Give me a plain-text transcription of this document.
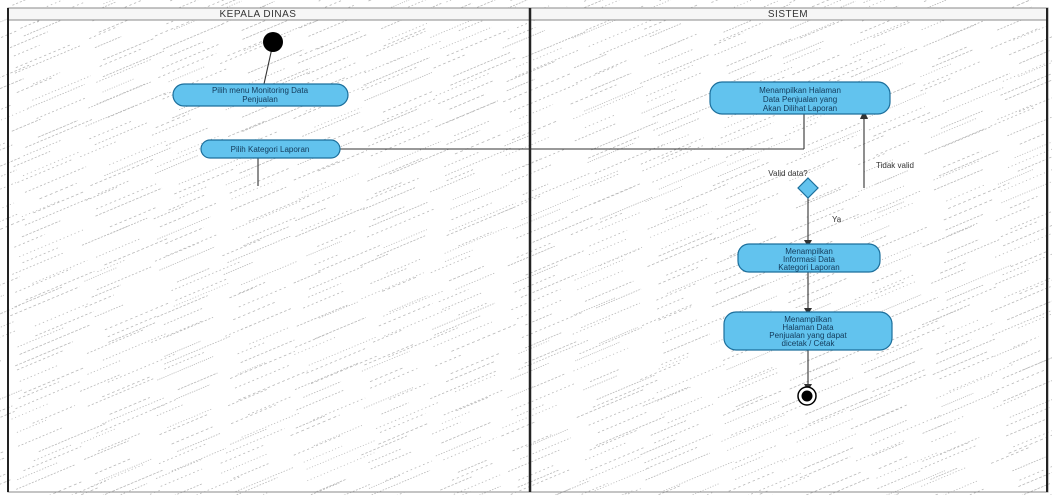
KEPALA DINAS	SISTEM
Ya
Tidak valid
Pilih menu Monitoring Data
Penjualan
Pilih Kategori Laporan
Menampilkan Halaman
Data Penjualan yang
Akan Dilihat Laporan
Valid data?
Menampilkan
Informasi Data
Kategori Laporan
Menampilkan
Halaman Data
Penjualan yang dapat
dicetak / Cetak
